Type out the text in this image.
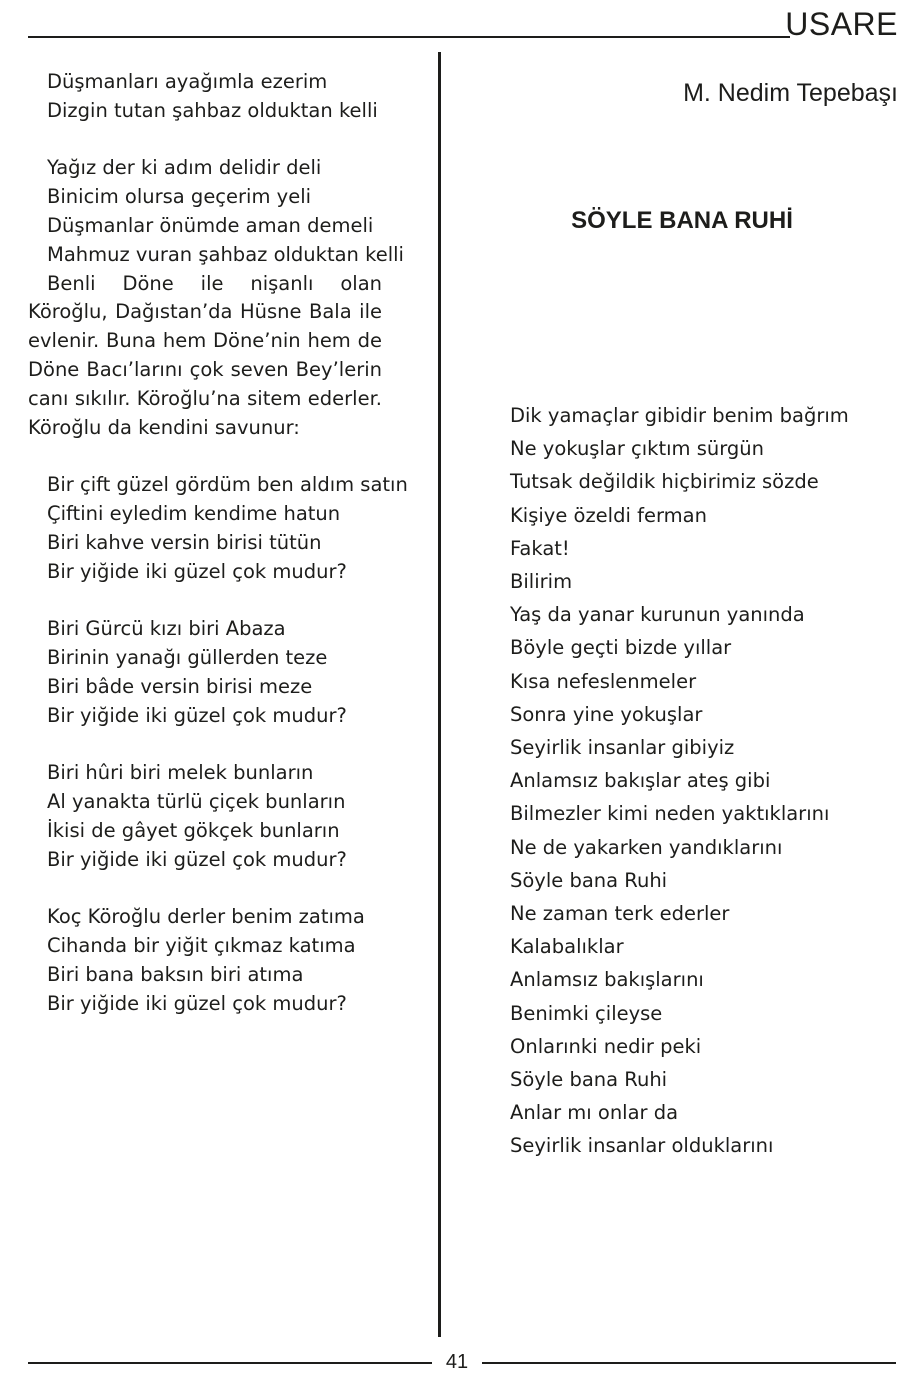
USARE
Düşmanları ayağımla ezerim
Dizgin tutan şahbaz olduktan kelli
Yağız der ki adım delidir deli
Binicim olursa geçerim yeli
Düşmanlar önümde aman demeli
Mahmuz vuran şahbaz olduktan kelli

Benli Döne ile nişanlı olan Köroğlu, Dağıstan’da Hüsne Bala ile evlenir. Buna hem Döne’nin hem de Döne Bacı’larını çok seven Bey’lerin canı sıkılır. Köroğlu’na sitem ederler. Köroğlu da kendini savunur:

Bir çift güzel gördüm ben aldım satın
Çiftini eyledim kendime hatun
Biri kahve versin birisi tütün
Bir yiğide iki güzel çok mudur?
Biri Gürcü kızı biri Abaza
Birinin yanağı güllerden teze
Biri bâde versin birisi meze
Bir yiğide iki güzel çok mudur?
Biri hûri biri melek bunların
Al yanakta türlü çiçek bunların
İkisi de gâyet gökçek bunların
Bir yiğide iki güzel çok mudur?
Koç Köroğlu derler benim zatıma
Cihanda bir yiğit çıkmaz katıma
Biri bana baksın biri atıma
Bir yiğide iki güzel çok mudur?
M. Nedim Tepebaşı
SÖYLE BANA RUHİ
Dik yamaçlar gibidir benim bağrım
Ne yokuşlar çıktım sürgün
Tutsak değildik hiçbirimiz sözde
Kişiye özeldi ferman
Fakat!
Bilirim
Yaş da yanar kurunun yanında
Böyle geçti bizde yıllar
Kısa nefeslenmeler
Sonra yine yokuşlar
Seyirlik insanlar gibiyiz
Anlamsız bakışlar ateş gibi
Bilmezler kimi neden yaktıklarını
Ne de yakarken yandıklarını
Söyle bana Ruhi
Ne zaman terk ederler
Kalabalıklar
Anlamsız bakışlarını
Benimki çileyse
Onlarınki nedir peki
Söyle bana Ruhi
Anlar mı onlar da
Seyirlik insanlar olduklarını
41
